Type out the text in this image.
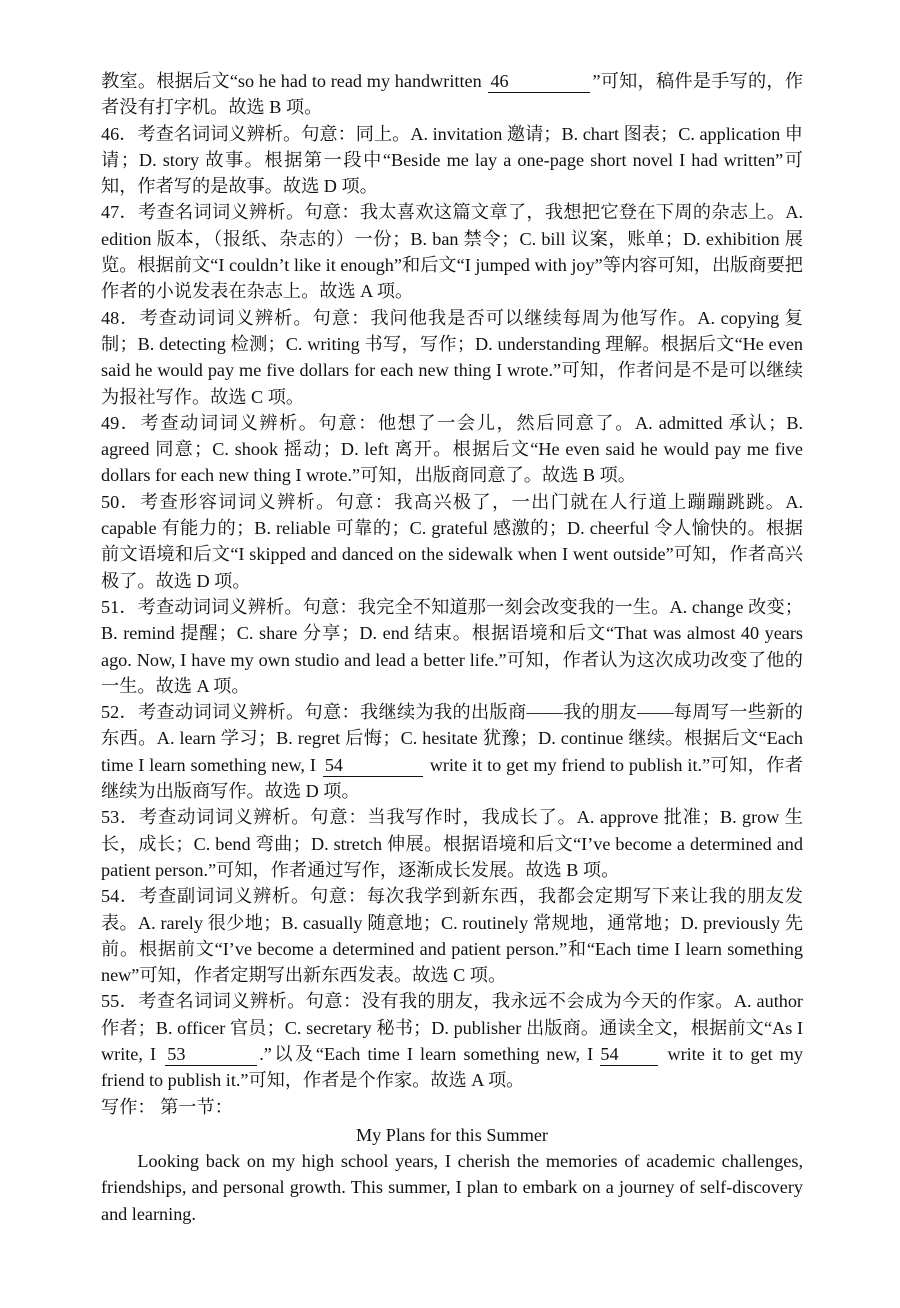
教室。根据后文“so he had to read my handwritten 46	”可知，稿件是手写的，作者没有打字机。故选 B 项。

46．考查名词词义辨析。句意：同上。A. invitation 邀请；B. chart 图表；C. application 申请；D. story 故事。根据第一段中“Beside me lay a one-page short novel I had written”可知，作者写的是故事。故选 D 项。

47．考查名词词义辨析。句意：我太喜欢这篇文章了，我想把它登在下周的杂志上。A. edition 版本，（报纸、杂志的）一份；B. ban 禁令；C. bill 议案，账单；D. exhibition 展览。根据前文“I couldn’t like it enough”和后文“I jumped with joy”等内容可知，出版商要把作者的小说发表在杂志上。故选 A 项。

48．考查动词词义辨析。句意：我问他我是否可以继续每周为他写作。A. copying 复制；B. detecting 检测；C. writing 书写，写作；D. understanding 理解。根据后文“He even said he would pay me five dollars for each new thing I wrote.”可知，作者问是不是可以继续为报社写作。故选 C 项。

49．考查动词词义辨析。句意：他想了一会儿，然后同意了。A. admitted 承认；B. agreed 同意；C. shook 摇动；D. left 离开。根据后文“He even said he would pay me five dollars for each new thing I wrote.”可知，出版商同意了。故选 B 项。

50．考查形容词词义辨析。句意：我高兴极了，一出门就在人行道上蹦蹦跳跳。A. capable 有能力的；B. reliable 可靠的；C. grateful 感激的；D. cheerful 令人愉快的。根据前文语境和后文“I skipped and danced on the sidewalk when I went outside”可知，作者高兴极了。故选 D 项。

51．考查动词词义辨析。句意：我完全不知道那一刻会改变我的一生。A. change 改变；B. remind 提醒；C. share 分享；D. end 结束。根据语境和后文“That was almost 40 years ago. Now, I have my own studio and lead a better life.”可知，作者认为这次成功改变了他的一生。故选 A 项。

52．考查动词词义辨析。句意：我继续为我的出版商——我的朋友——每周写一些新的东西。A. learn 学习；B. regret 后悔；C. hesitate 犹豫；D. continue 继续。根据后文“Each time I learn something new, I 54	write it to get my friend to publish it.”可知，作者继续为出版商写作。故选 D 项。

53．考查动词词义辨析。句意：当我写作时，我成长了。A. approve 批准；B. grow 生长，成长；C. bend 弯曲；D. stretch 伸展。根据语境和后文“I’ve become a determined and patient person.”可知，作者通过写作，逐渐成长发展。故选 B 项。

54．考查副词词义辨析。句意：每次我学到新东西，我都会定期写下来让我的朋友发表。A. rarely 很少地；B. casually 随意地；C. routinely 常规地，通常地；D. previously 先前。根据前文“I’ve become a determined and patient person.”和“Each time I learn something new”可知，作者定期写出新东西发表。故选 C 项。

55．考查名词词义辨析。句意：没有我的朋友，我永远不会成为今天的作家。A. author 作者；B. officer 官员；C. secretary 秘书；D. publisher 出版商。通读全文，根据前文“As I write, I 53	.”以及“Each time I learn something new, I 54	write it to get my friend to publish it.”可知，作者是个作家。故选 A 项。

写作： 第一节：

My Plans for this Summer

Looking back on my high school years, I cherish the memories of academic challenges, friendships, and personal growth. This summer, I plan to embark on a journey of self-discovery and learning.
